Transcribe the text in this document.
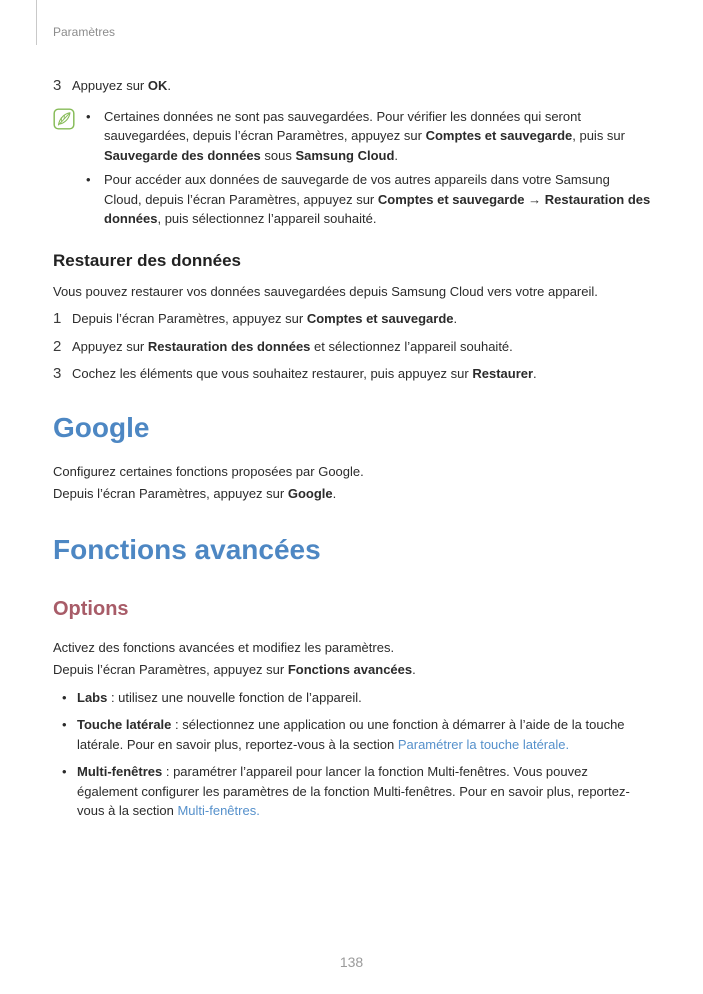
Paramètres
3 Appuyez sur OK.
•	Certaines données ne sont pas sauvegardées. Pour vérifier les données qui seront sauvegardées, depuis l’écran Paramètres, appuyez sur Comptes et sauvegarde, puis sur Sauvegarde des données sous Samsung Cloud.
•	Pour accéder aux données de sauvegarde de vos autres appareils dans votre Samsung Cloud, depuis l’écran Paramètres, appuyez sur Comptes et sauvegarde → Restauration des données, puis sélectionnez l’appareil souhaité.
Restaurer des données

Vous pouvez restaurer vos données sauvegardées depuis Samsung Cloud vers votre appareil.

1 Depuis l’écran Paramètres, appuyez sur Comptes et sauvegarde.
2 Appuyez sur Restauration des données et sélectionnez l’appareil souhaité.
3 Cochez les éléments que vous souhaitez restaurer, puis appuyez sur Restaurer.
Google

Configurez certaines fonctions proposées par Google.

Depuis l’écran Paramètres, appuyez sur Google.

Fonctions avancées
Options

Activez des fonctions avancées et modifiez les paramètres.

Depuis l’écran Paramètres, appuyez sur Fonctions avancées.

• Labs : utilisez une nouvelle fonction de l’appareil.
• Touche latérale : sélectionnez une application ou une fonction à démarrer à l’aide de la touche latérale. Pour en savoir plus, reportez-vous à la section Paramétrer la touche latérale.
• Multi-fenêtres : paramétrer l’appareil pour lancer la fonction Multi-fenêtres. Vous pouvez également configurer les paramètres de la fonction Multi-fenêtres. Pour en savoir plus, reportez-vous à la section Multi-fenêtres.
138
